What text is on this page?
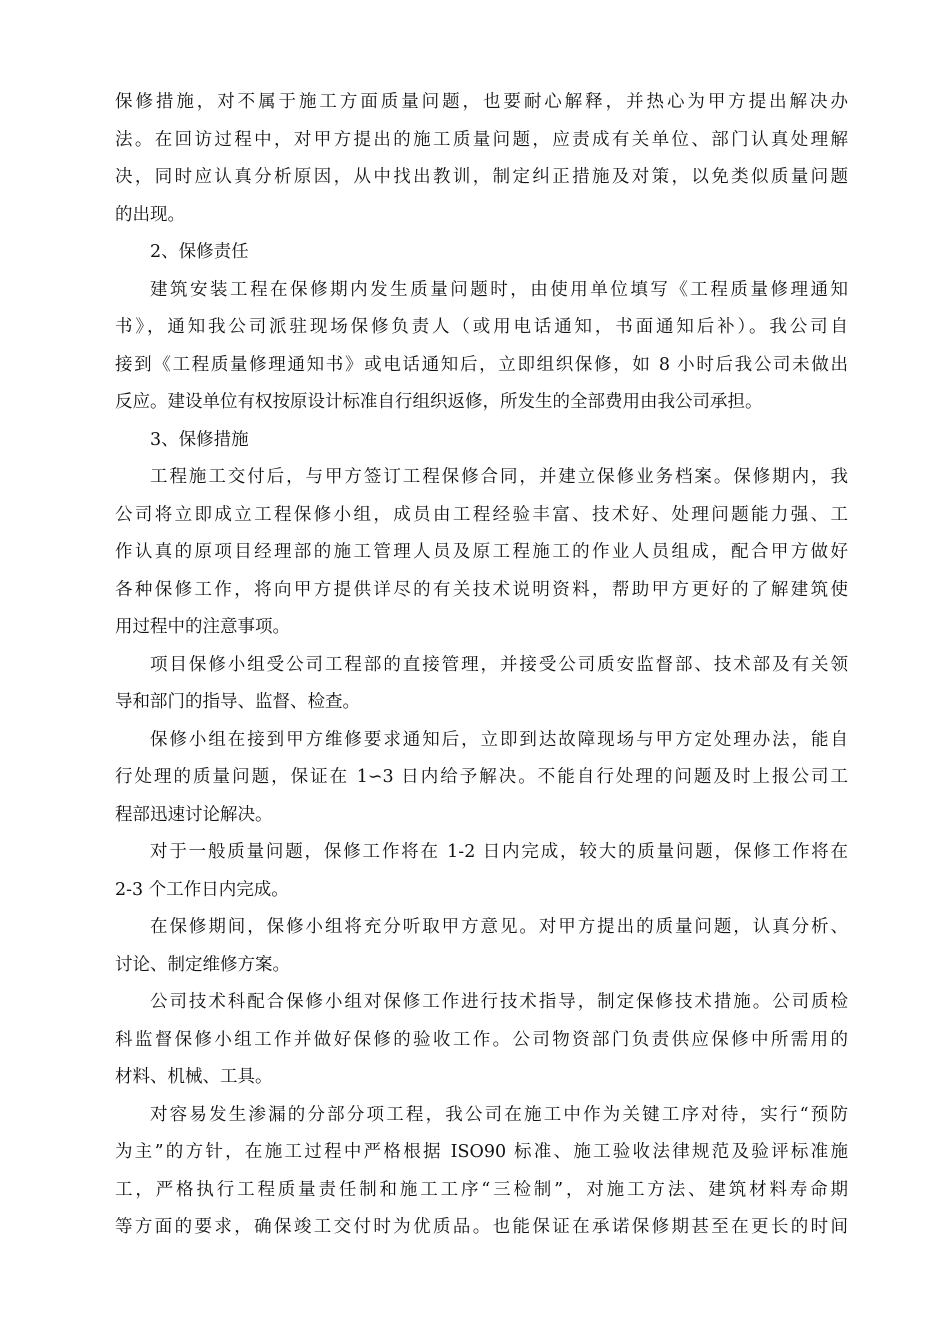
保修措施，对不属于施工方面质量问题，也要耐心解释，并热心为甲方提出解决办
法。在回访过程中，对甲方提出的施工质量问题，应责成有关单位、部门认真处理解
决，同时应认真分析原因，从中找出教训，制定纠正措施及对策，以免类似质量问题
的出现。
2、保修责任
建筑安装工程在保修期内发生质量问题时，由使用单位填写《工程质量修理通知
书》，通知我公司派驻现场保修负责人（或用电话通知，书面通知后补）。我公司自
接到《工程质量修理通知书》或电话通知后，立即组织保修，如 8 小时后我公司未做出
反应。建设单位有权按原设计标准自行组织返修，所发生的全部费用由我公司承担。
3、保修措施
工程施工交付后，与甲方签订工程保修合同，并建立保修业务档案。保修期内，我
公司将立即成立工程保修小组，成员由工程经验丰富、技术好、处理问题能力强、工
作认真的原项目经理部的施工管理人员及原工程施工的作业人员组成，配合甲方做好
各种保修工作，将向甲方提供详尽的有关技术说明资料，帮助甲方更好的了解建筑使
用过程中的注意事项。
项目保修小组受公司工程部的直接管理，并接受公司质安监督部、技术部及有关领
导和部门的指导、监督、检查。
保修小组在接到甲方维修要求通知后，立即到达故障现场与甲方定处理办法，能自
行处理的质量问题，保证在 1∽3 日内给予解决。不能自行处理的问题及时上报公司工
程部迅速讨论解决。
对于一般质量问题，保修工作将在 1-2 日内完成，较大的质量问题，保修工作将在
2-3 个工作日内完成。
在保修期间，保修小组将充分听取甲方意见。对甲方提出的质量问题，认真分析、
讨论、制定维修方案。
公司技术科配合保修小组对保修工作进行技术指导，制定保修技术措施。公司质检
科监督保修小组工作并做好保修的验收工作。公司物资部门负责供应保修中所需用的
材料、机械、工具。
对容易发生渗漏的分部分项工程，我公司在施工中作为关键工序对待，实行“预防
为主”的方针，在施工过程中严格根据 ISO90 标准、施工验收法律规范及验评标准施
工，严格执行工程质量责任制和施工工序“三检制”，对施工方法、建筑材料寿命期
等方面的要求，确保竣工交付时为优质品。也能保证在承诺保修期甚至在更长的时间
